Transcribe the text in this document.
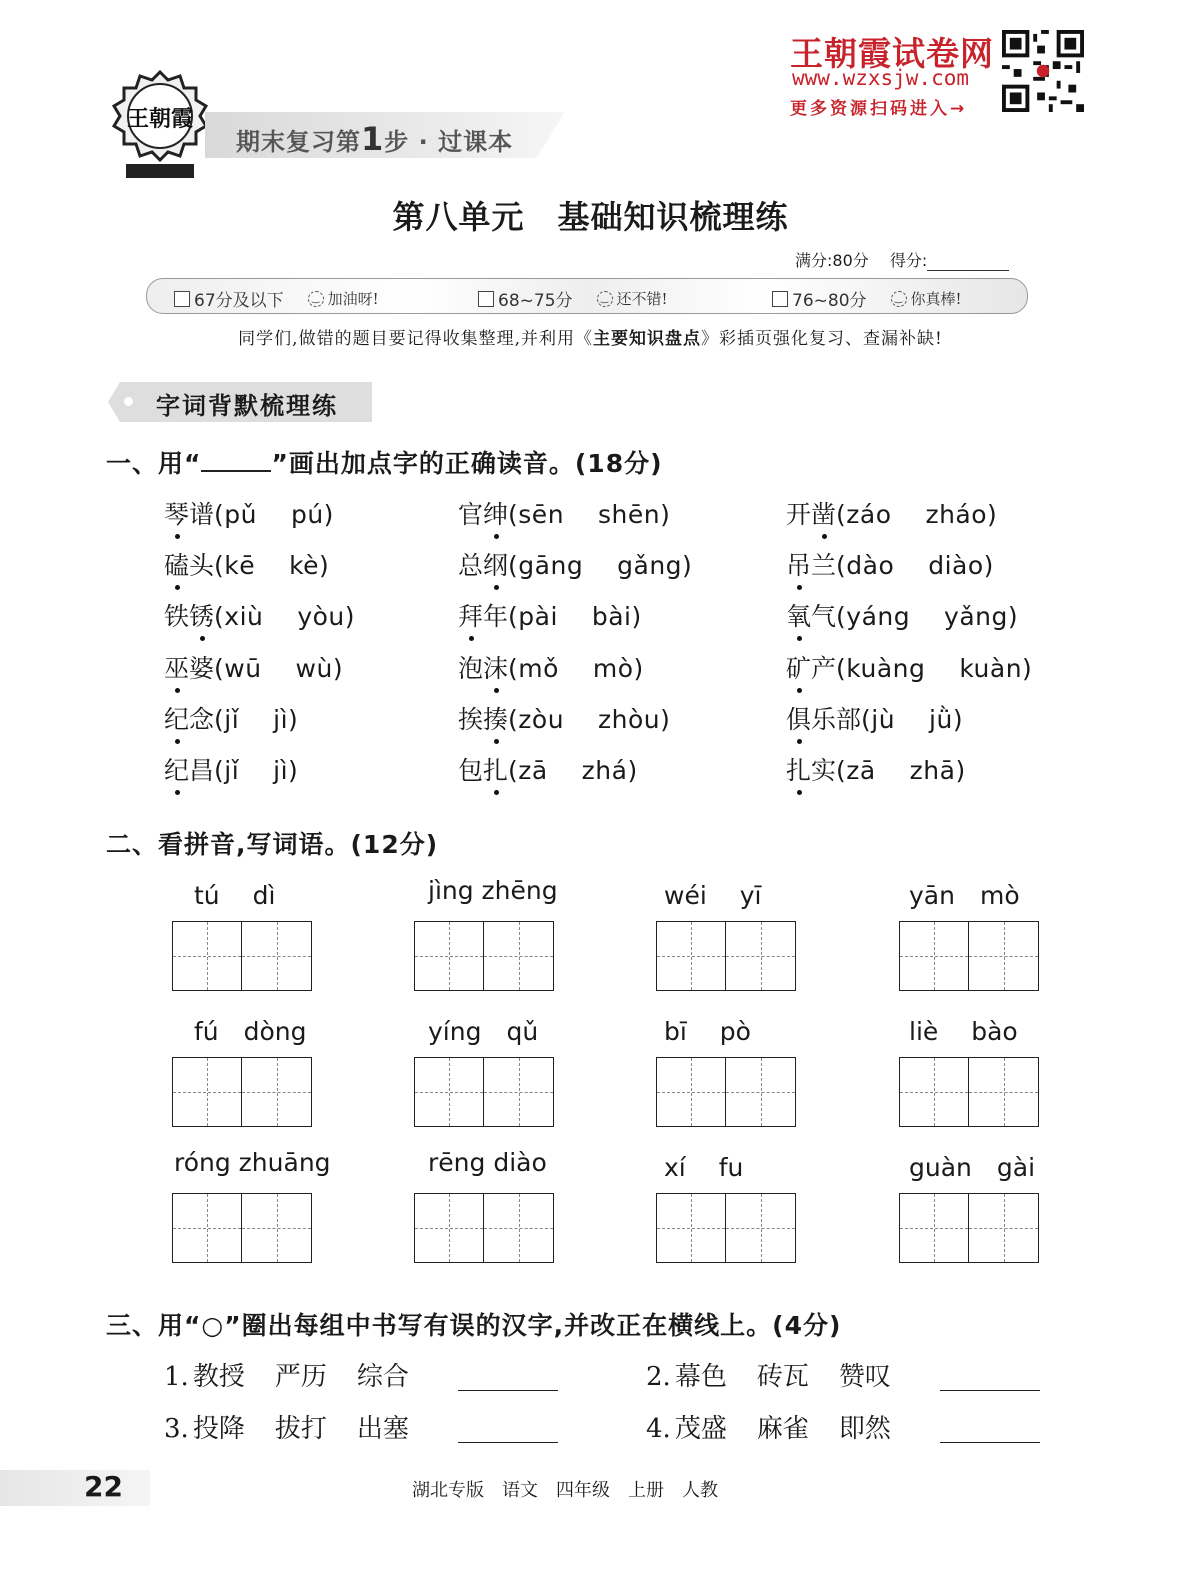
王朝霞
期末复习第1步 · 过课本
王朝霞试卷网
www.wzxsjw.com
更多资源扫码进入→
第八单元　基础知识梳理练
满分:80分　 得分:
67分及以下	‿ 加油呀!	68~75分	‿ 还不错!	76~80分	‿ 你真棒!
同学们,做错的题目要记得收集整理,并利用《主要知识盘点》彩插页强化复习、查漏补缺!
字词背默梳理练
一、用“	”画出加点字的正确读音。(18分)
琴谱(pǔ　 pú)	官绅(sēn　 shēn)	开凿(záo　 zháo)
磕头(kē　 kè)	总纲(gāng　 gǎng)	吊兰(dào　 diào)
铁锈(xiù　 yòu)	拜年(pài　 bài)	氧气(yáng　 yǎng)
巫婆(wū　 wù)	泡沫(mǒ　 mò)	矿产(kuàng　 kuàn)
纪念(jǐ　 jì)	挨揍(zòu　 zhòu)	俱乐部(jù　 jǜ)
纪昌(jǐ　 jì)	包扎(zā　 zhá)	扎实(zā　 zhā)
二、看拼音,写词语。(12分)
tú　 dì	jìng zhēng	wéi　 yī	yān　mò
fú　dòng	yíng　qǔ	bī　 pò	liè　 bào
róng zhuāng	rēng diào	xí　 fu	guàn　gài
三、用“○”圈出每组中书写有误的汉字,并改正在横线上。(4分)
1. 教授 严历 综合	2. 幕色 砖瓦 赞叹
3. 投降 拔打 出塞	4. 茂盛 麻雀 即然
22	湖北专版　语文　四年级　上册　人教
